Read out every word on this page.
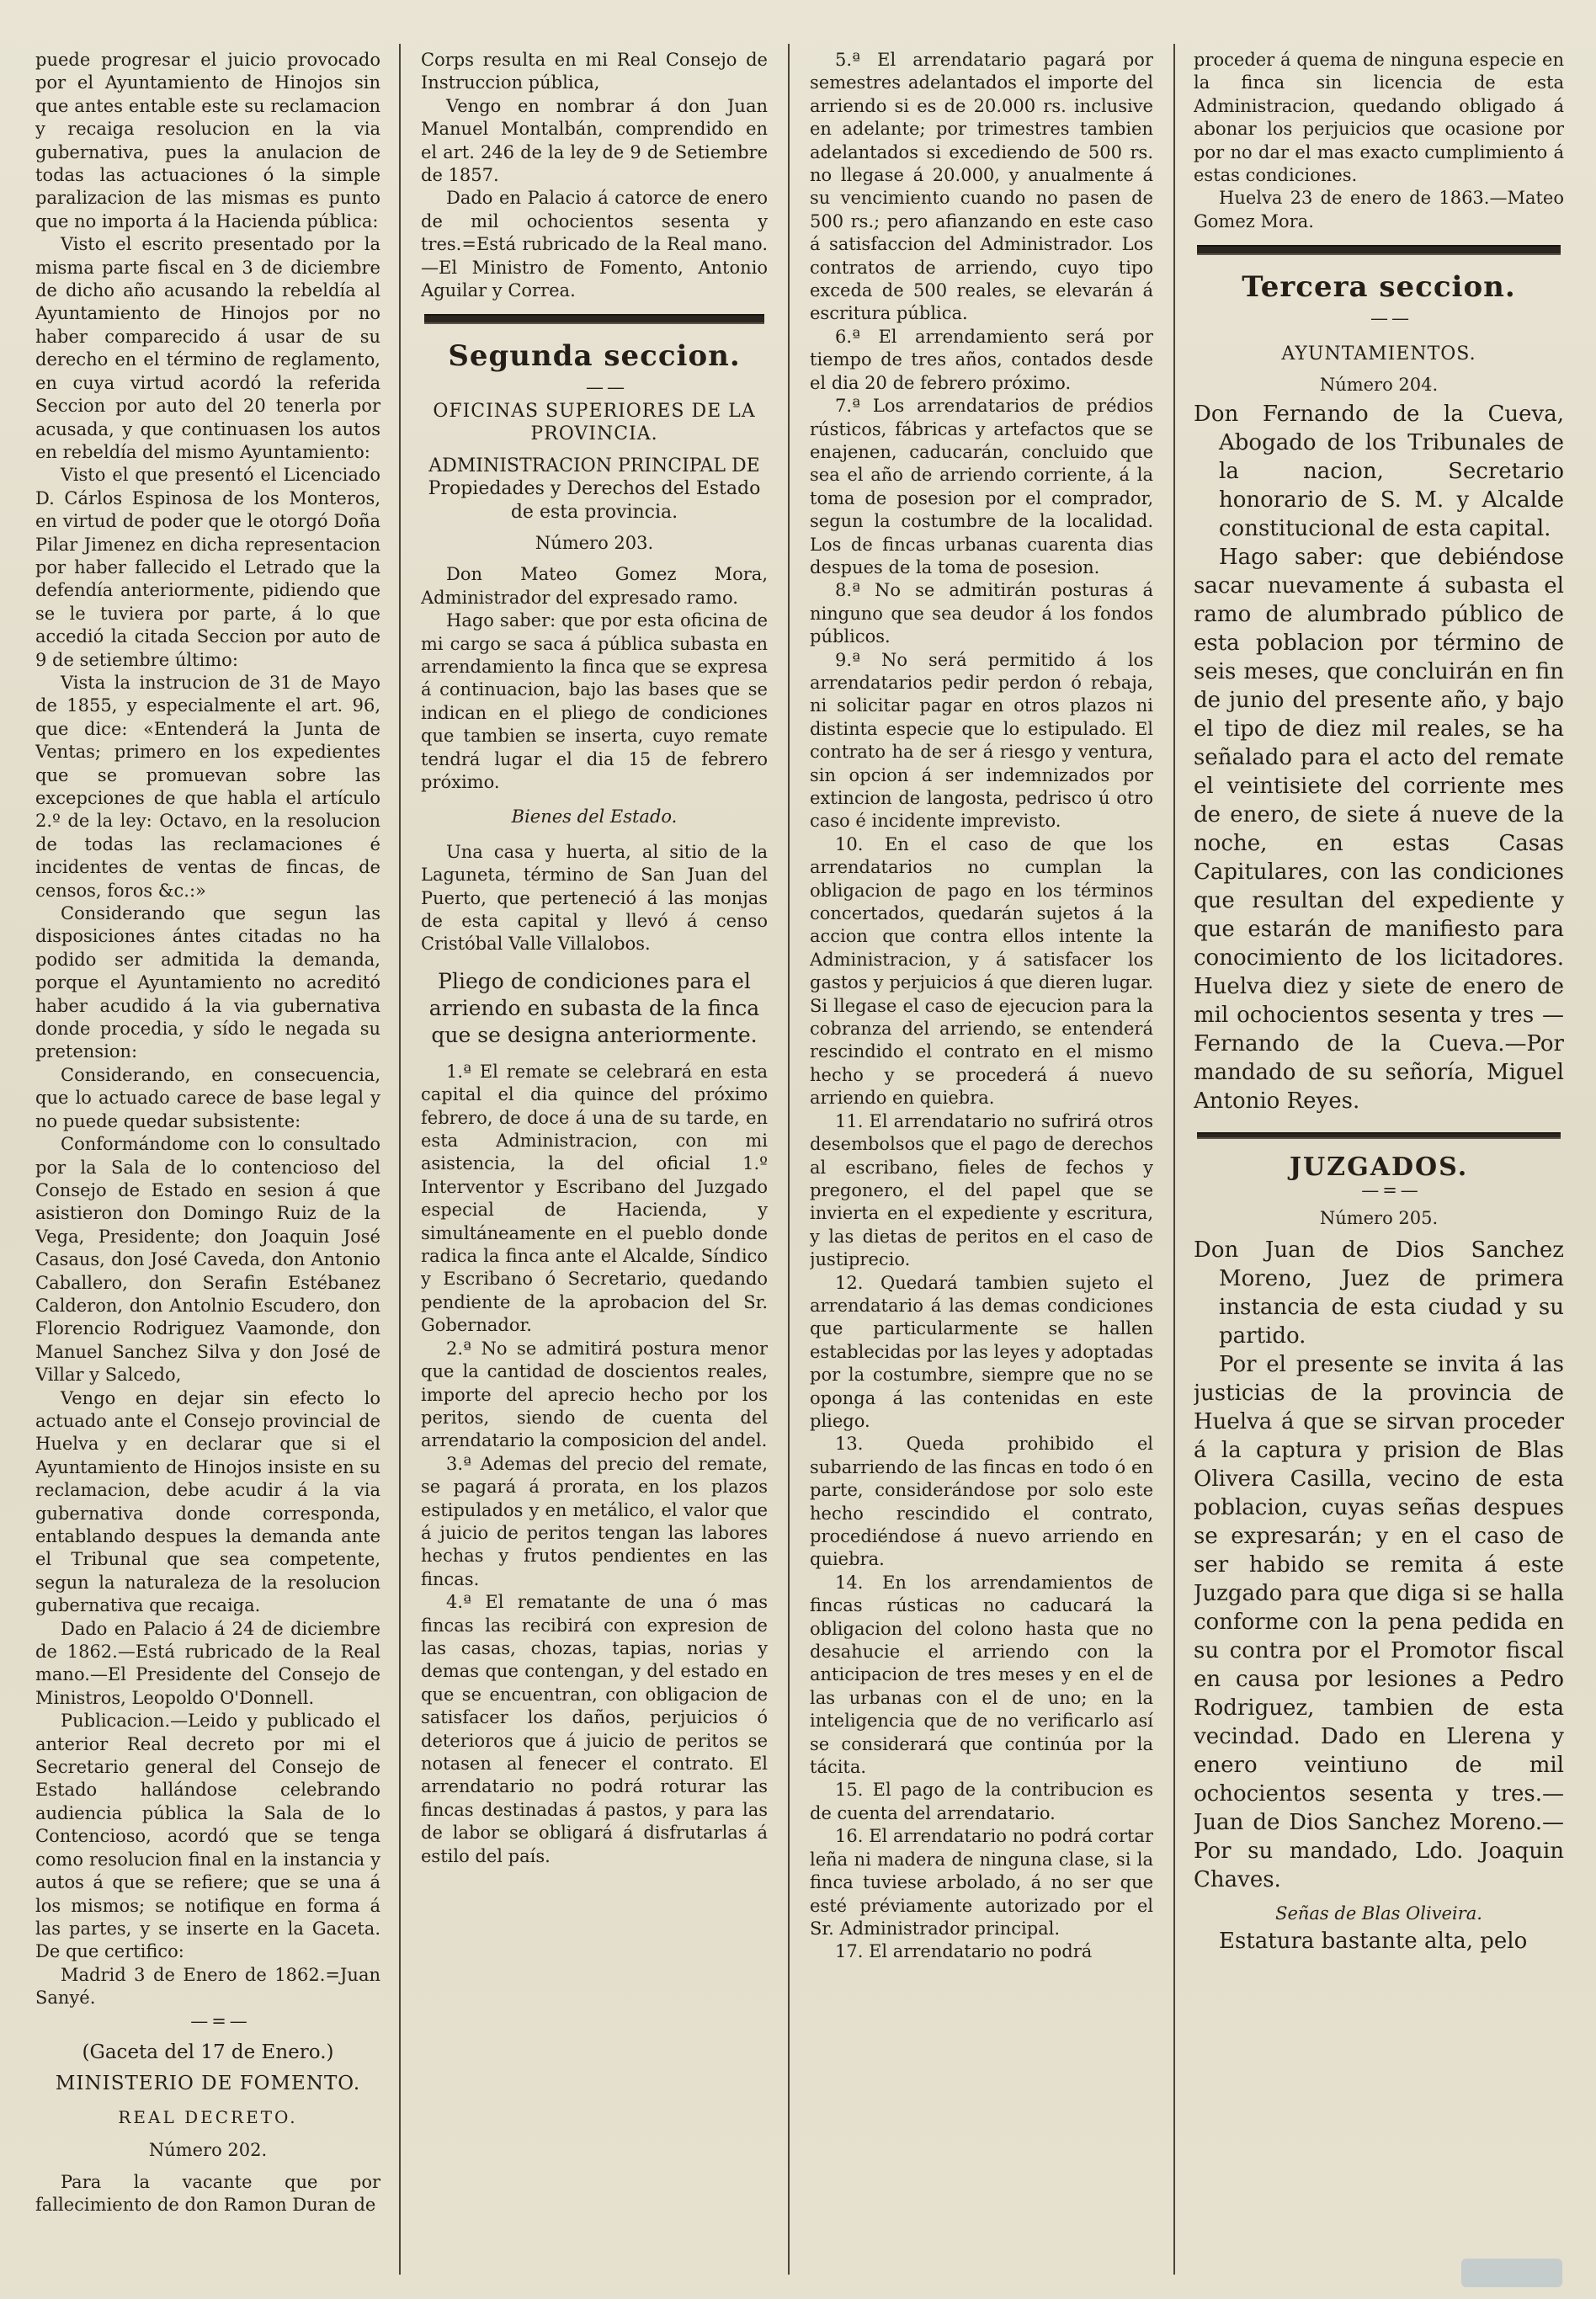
puede progresar el juicio provocado por el Ayuntamiento de Hinojos sin que antes entable este su reclamacion y recaiga resolucion en la via gubernativa, pues la anulacion de todas las actuaciones ó la simple paralizacion de las mismas es punto que no importa á la Hacienda pública:

Visto el escrito presentado por la misma parte fiscal en 3 de diciembre de dicho año acusando la rebeldía al Ayuntamiento de Hinojos por no haber comparecido á usar de su derecho en el término de reglamento, en cuya virtud acordó la referida Seccion por auto del 20 tenerla por acusada, y que continuasen los autos en rebeldía del mismo Ayuntamiento:

Visto el que presentó el Licenciado D. Cárlos Espinosa de los Monteros, en virtud de poder que le otorgó Doña Pilar Jimenez en dicha representacion por haber fallecido el Letrado que la defendía anteriormente, pidiendo que se le tuviera por parte, á lo que accedió la citada Seccion por auto de 9 de setiembre último:

Vista la instrucion de 31 de Mayo de 1855, y especialmente el art. 96, que dice: «Entenderá la Junta de Ventas; primero en los expedientes que se promuevan sobre las excepciones de que habla el artículo 2.º de la ley: Octavo, en la resolucion de todas las reclamaciones é incidentes de ventas de fincas, de censos, foros &c.:»

Considerando que segun las disposiciones ántes citadas no ha podido ser admitida la demanda, porque el Ayuntamiento no acreditó haber acudido á la via gubernativa donde procedia, y sído le negada su pretension:

Considerando, en consecuencia, que lo actuado carece de base legal y no puede quedar subsistente:

Conformándome con lo consultado por la Sala de lo contencioso del Consejo de Estado en sesion á que asistieron don Domingo Ruiz de la Vega, Presidente; don Joaquin José Casaus, don José Caveda, don Antonio Caballero, don Serafin Estébanez Calderon, don Antolnio Escudero, don Florencio Rodriguez Vaamonde, don Manuel Sanchez Silva y don José de Villar y Salcedo,

Vengo en dejar sin efecto lo actuado ante el Consejo provincial de Huelva y en declarar que si el Ayuntamiento de Hinojos insiste en su reclamacion, debe acudir á la via gubernativa donde corresponda, entablando despues la demanda ante el Tribunal que sea competente, segun la naturaleza de la resolucion gubernativa que recaiga.

Dado en Palacio á 24 de diciembre de 1862.—Está rubricado de la Real mano.—El Presidente del Consejo de Ministros, Leopoldo O'Donnell.

Publicacion.—Leido y publicado el anterior Real decreto por mi el Secretario general del Consejo de Estado hallándose celebrando audiencia pública la Sala de lo Contencioso, acordó que se tenga como resolucion final en la instancia y autos á que se refiere; que se una á los mismos; se notifique en forma á las partes, y se inserte en la Gaceta. De que certifico:

Madrid 3 de Enero de 1862.=Juan Sanyé.

—=—

(Gaceta del 17 de Enero.)

MINISTERIO DE FOMENTO.

REAL DECRETO.

Número 202.

Para la vacante que por fallecimiento de don Ramon Duran de

Corps resulta en mi Real Consejo de Instruccion pública,

Vengo en nombrar á don Juan Manuel Montalbán, comprendido en el art. 246 de la ley de 9 de Setiembre de 1857.

Dado en Palacio á catorce de enero de mil ochocientos sesenta y tres.=Está rubricado de la Real mano.—El Ministro de Fomento, Antonio Aguilar y Correa.

Segunda seccion.

——

OFICINAS SUPERIORES DE LA PROVINCIA.

ADMINISTRACION PRINCIPAL DE

Propiedades y Derechos del Estado de esta provincia.

Número 203.

Don Mateo Gomez Mora, Administrador del expresado ramo.

Hago saber: que por esta oficina de mi cargo se saca á pública subasta en arrendamiento la finca que se expresa á continuacion, bajo las bases que se indican en el pliego de condiciones que tambien se inserta, cuyo remate tendrá lugar el dia 15 de febrero próximo.

Bienes del Estado.

Una casa y huerta, al sitio de la Laguneta, término de San Juan del Puerto, que perteneció á las monjas de esta capital y llevó á censo Cristóbal Valle Villalobos.

Pliego de condiciones para el arriendo en subasta de la finca que se designa anteriormente.

1.ª El remate se celebrará en esta capital el dia quince del próximo febrero, de doce á una de su tarde, en esta Administracion, con mi asistencia, la del oficial 1.º Interventor y Escribano del Juzgado especial de Hacienda, y simultáneamente en el pueblo donde radica la finca ante el Alcalde, Síndico y Escribano ó Secretario, quedando pendiente de la aprobacion del Sr. Gobernador.

2.ª No se admitirá postura menor que la cantidad de doscientos reales, importe del aprecio hecho por los peritos, siendo de cuenta del arrendatario la composicion del andel.

3.ª Ademas del precio del remate, se pagará á prorata, en los plazos estipulados y en metálico, el valor que á juicio de peritos tengan las labores hechas y frutos pendientes en las fincas.

4.ª El rematante de una ó mas fincas las recibirá con expresion de las casas, chozas, tapias, norias y demas que contengan, y del estado en que se encuentran, con obligacion de satisfacer los daños, perjuicios ó deterioros que á juicio de peritos se notasen al fenecer el contrato. El arrendatario no podrá roturar las fincas destinadas á pastos, y para las de labor se obligará á disfrutarlas á estilo del país.

5.ª El arrendatario pagará por semestres adelantados el importe del arriendo si es de 20.000 rs. inclusive en adelante; por trimestres tambien adelantados si excediendo de 500 rs. no llegase á 20.000, y anualmente á su vencimiento cuando no pasen de 500 rs.; pero afianzando en este caso á satisfaccion del Administrador. Los contratos de arriendo, cuyo tipo exceda de 500 reales, se elevarán á escritura pública.

6.ª El arrendamiento será por tiempo de tres años, contados desde el dia 20 de febrero próximo.

7.ª Los arrendatarios de prédios rústicos, fábricas y artefactos que se enajenen, caducarán, concluido que sea el año de arriendo corriente, á la toma de posesion por el comprador, segun la costumbre de la localidad. Los de fincas urbanas cuarenta dias despues de la toma de posesion.

8.ª No se admitirán posturas á ninguno que sea deudor á los fondos públicos.

9.ª No será permitido á los arrendatarios pedir perdon ó rebaja, ni solicitar pagar en otros plazos ni distinta especie que lo estipulado. El contrato ha de ser á riesgo y ventura, sin opcion á ser indemnizados por extincion de langosta, pedrisco ú otro caso é incidente imprevisto.

10. En el caso de que los arrendatarios no cumplan la obligacion de pago en los términos concertados, quedarán sujetos á la accion que contra ellos intente la Administracion, y á satisfacer los gastos y perjuicios á que dieren lugar. Si llegase el caso de ejecucion para la cobranza del arriendo, se entenderá rescindido el contrato en el mismo hecho y se procederá á nuevo arriendo en quiebra.

11. El arrendatario no sufrirá otros desembolsos que el pago de derechos al escribano, fieles de fechos y pregonero, el del papel que se invierta en el expediente y escritura, y las dietas de peritos en el caso de justiprecio.

12. Quedará tambien sujeto el arrendatario á las demas condiciones que particularmente se hallen establecidas por las leyes y adoptadas por la costumbre, siempre que no se oponga á las contenidas en este pliego.

13. Queda prohibido el subarriendo de las fincas en todo ó en parte, considerándose por solo este hecho rescindido el contrato, procediéndose á nuevo arriendo en quiebra.

14. En los arrendamientos de fincas rústicas no caducará la obligacion del colono hasta que no desahucie el arriendo con la anticipacion de tres meses y en el de las urbanas con el de uno; en la inteligencia que de no verificarlo así se considerará que continúa por la tácita.

15. El pago de la contribucion es de cuenta del arrendatario.

16. El arrendatario no podrá cortar leña ni madera de ninguna clase, si la finca tuviese arbolado, á no ser que esté préviamente autorizado por el Sr. Administrador principal.

17. El arrendatario no podrá

proceder á quema de ninguna especie en la finca sin licencia de esta Administracion, quedando obligado á abonar los perjuicios que ocasione por por no dar el mas exacto cumplimiento á estas condiciones.

Huelva 23 de enero de 1863.—Mateo Gomez Mora.

Tercera seccion.

——

AYUNTAMIENTOS.

Número 204.

Don Fernando de la Cueva, Abogado de los Tribunales de la nacion, Secretario honorario de S. M. y Alcalde constitucional de esta capital.

Hago saber: que debiéndose sacar nuevamente á subasta el ramo de alumbrado público de esta poblacion por término de seis meses, que concluirán en fin de junio del presente año, y bajo el tipo de diez mil reales, se ha señalado para el acto del remate el veintisiete del corriente mes de enero, de siete á nueve de la noche, en estas Casas Capitulares, con las condiciones que resultan del expediente y que estarán de manifiesto para conocimiento de los licitadores. Huelva diez y siete de enero de mil ochocientos sesenta y tres —Fernando de la Cueva.—Por mandado de su señoría, Miguel Antonio Reyes.

JUZGADOS.

—=—

Número 205.

Don Juan de Dios Sanchez Moreno, Juez de primera instancia de esta ciudad y su partido.

Por el presente se invita á las justicias de la provincia de Huelva á que se sirvan proceder á la captura y prision de Blas Olivera Casilla, vecino de esta poblacion, cuyas señas despues se expresarán; y en el caso de ser habido se remita á este Juzgado para que diga si se halla conforme con la pena pedida en su contra por el Promotor fiscal en causa por lesiones a Pedro Rodriguez, tambien de esta vecindad. Dado en Llerena y enero veintiuno de mil ochocientos sesenta y tres.—Juan de Dios Sanchez Moreno.—Por su mandado, Ldo. Joaquin Chaves.

Señas de Blas Oliveira.

Estatura bastante alta, pelo
